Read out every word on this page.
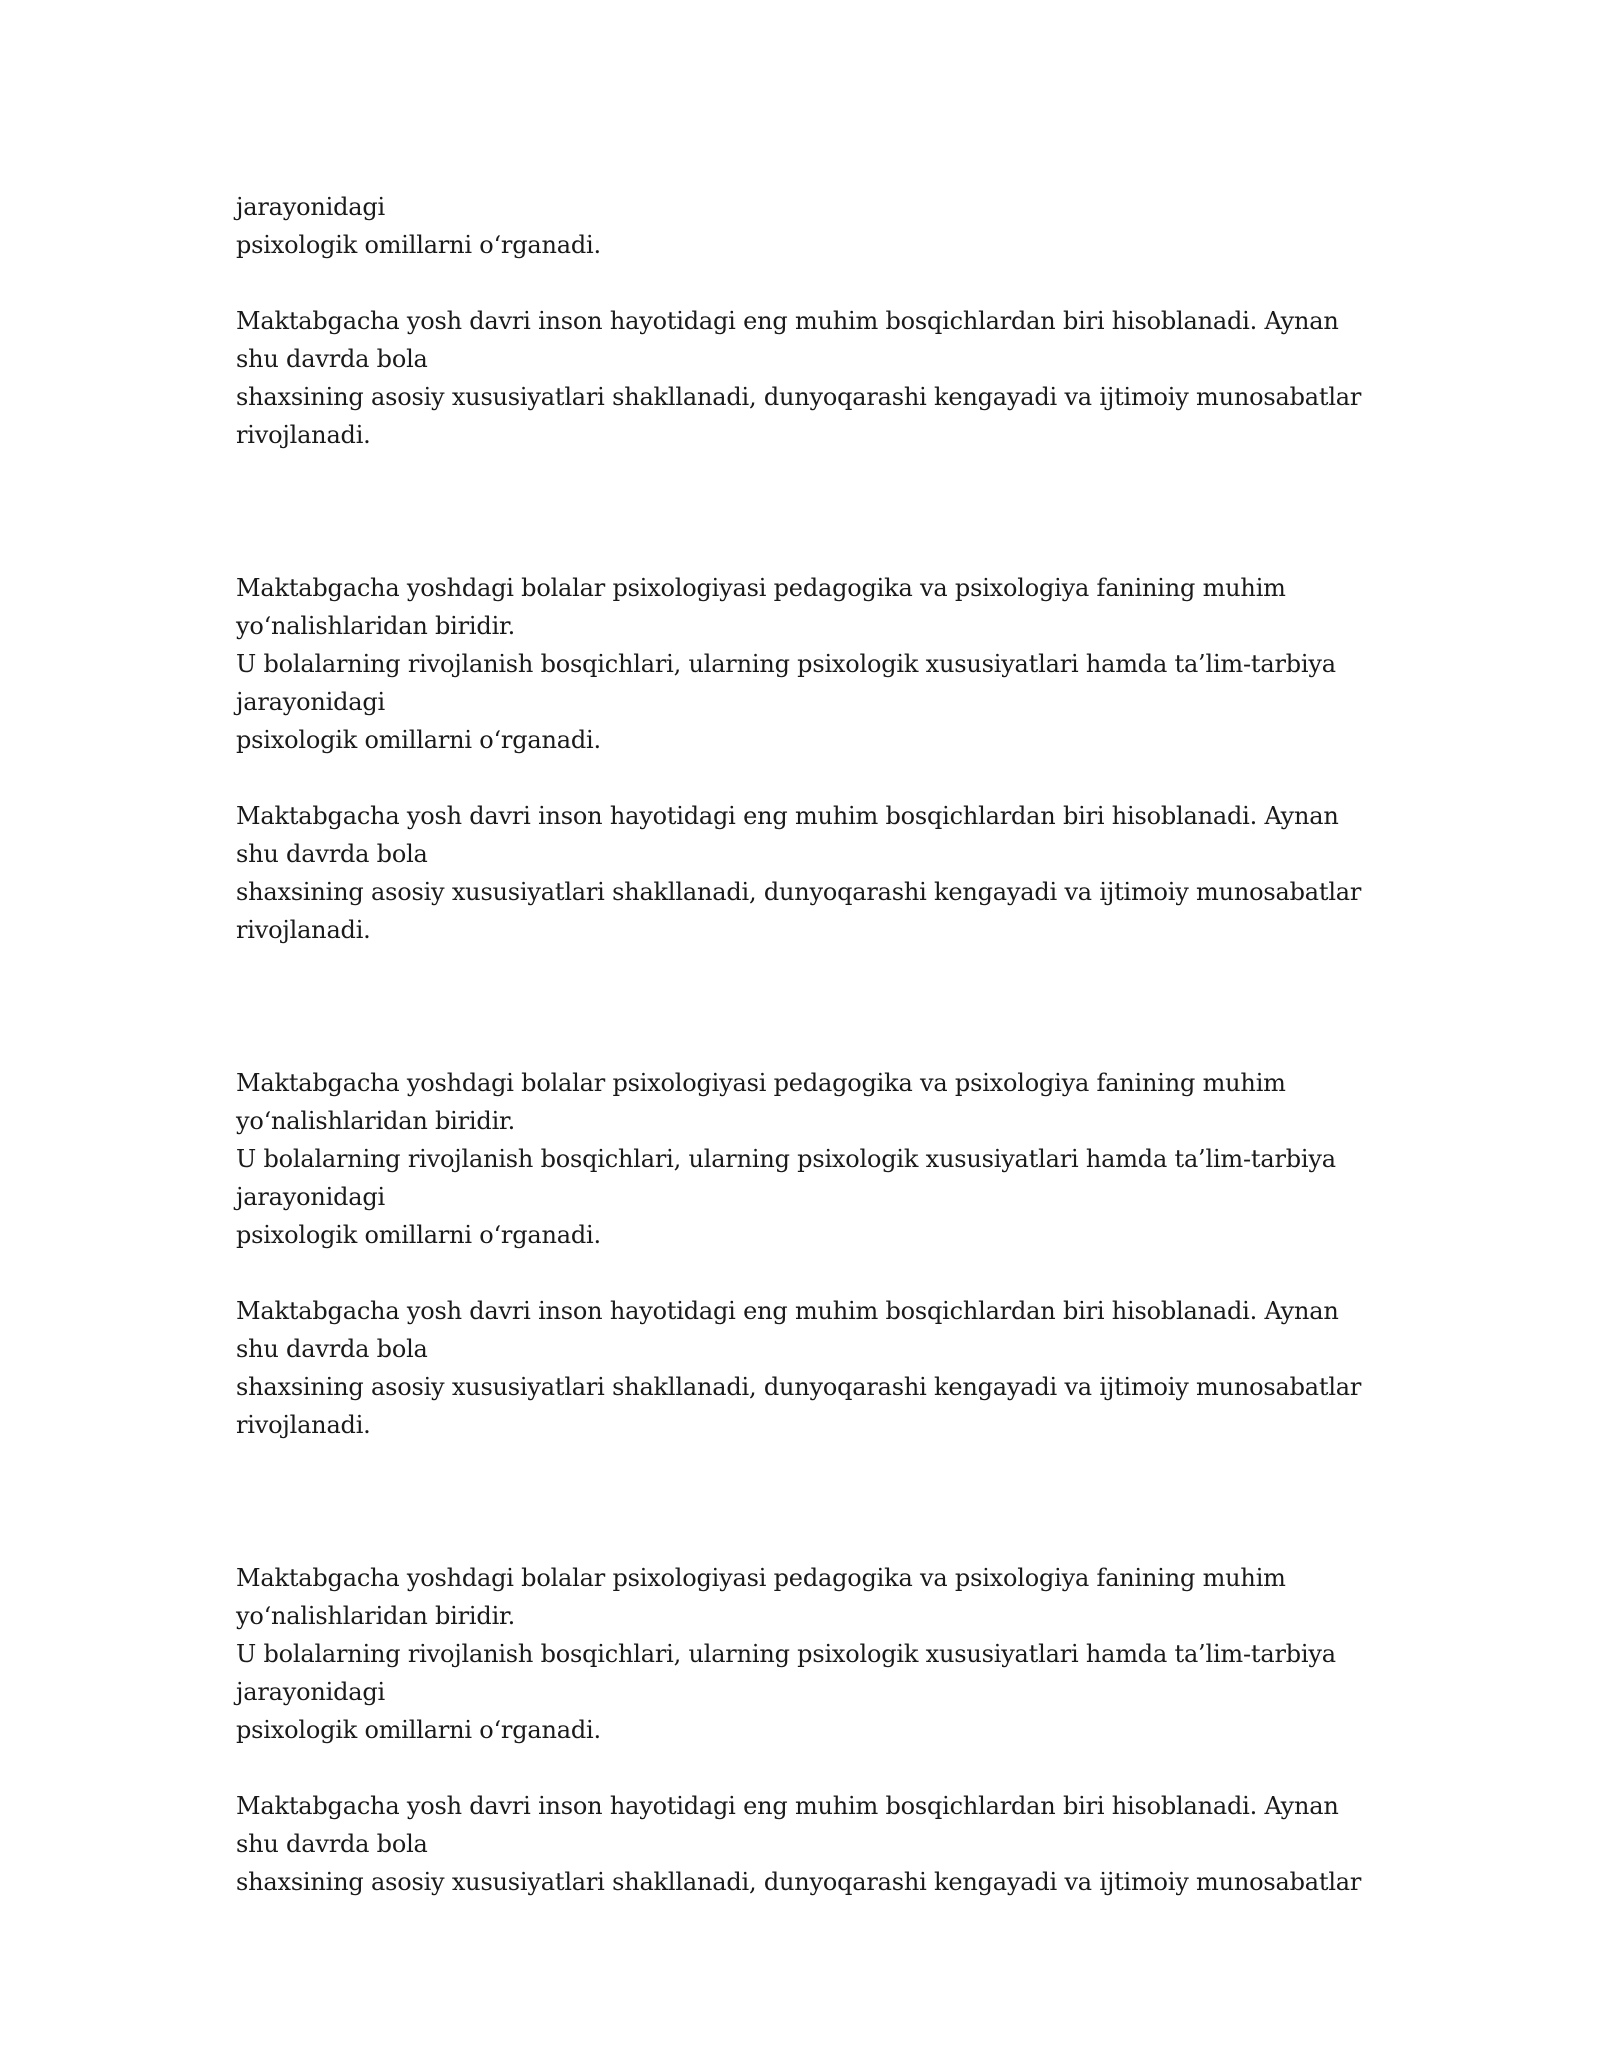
jarayonidagi
psixologik omillarni o‘rganadi.
Maktabgacha yosh davri inson hayotidagi eng muhim bosqichlardan biri hisoblanadi. Aynan
shu davrda bola
shaxsining asosiy xususiyatlari shakllanadi, dunyoqarashi kengayadi va ijtimoiy munosabatlar
rivojlanadi.
Maktabgacha yoshdagi bolalar psixologiyasi pedagogika va psixologiya fanining muhim
yo‘nalishlaridan biridir.
U bolalarning rivojlanish bosqichlari, ularning psixologik xususiyatlari hamda ta’lim-tarbiya
jarayonidagi
psixologik omillarni o‘rganadi.
Maktabgacha yosh davri inson hayotidagi eng muhim bosqichlardan biri hisoblanadi. Aynan
shu davrda bola
shaxsining asosiy xususiyatlari shakllanadi, dunyoqarashi kengayadi va ijtimoiy munosabatlar
rivojlanadi.
Maktabgacha yoshdagi bolalar psixologiyasi pedagogika va psixologiya fanining muhim
yo‘nalishlaridan biridir.
U bolalarning rivojlanish bosqichlari, ularning psixologik xususiyatlari hamda ta’lim-tarbiya
jarayonidagi
psixologik omillarni o‘rganadi.
Maktabgacha yosh davri inson hayotidagi eng muhim bosqichlardan biri hisoblanadi. Aynan
shu davrda bola
shaxsining asosiy xususiyatlari shakllanadi, dunyoqarashi kengayadi va ijtimoiy munosabatlar
rivojlanadi.
Maktabgacha yoshdagi bolalar psixologiyasi pedagogika va psixologiya fanining muhim
yo‘nalishlaridan biridir.
U bolalarning rivojlanish bosqichlari, ularning psixologik xususiyatlari hamda ta’lim-tarbiya
jarayonidagi
psixologik omillarni o‘rganadi.
Maktabgacha yosh davri inson hayotidagi eng muhim bosqichlardan biri hisoblanadi. Aynan
shu davrda bola
shaxsining asosiy xususiyatlari shakllanadi, dunyoqarashi kengayadi va ijtimoiy munosabatlar
